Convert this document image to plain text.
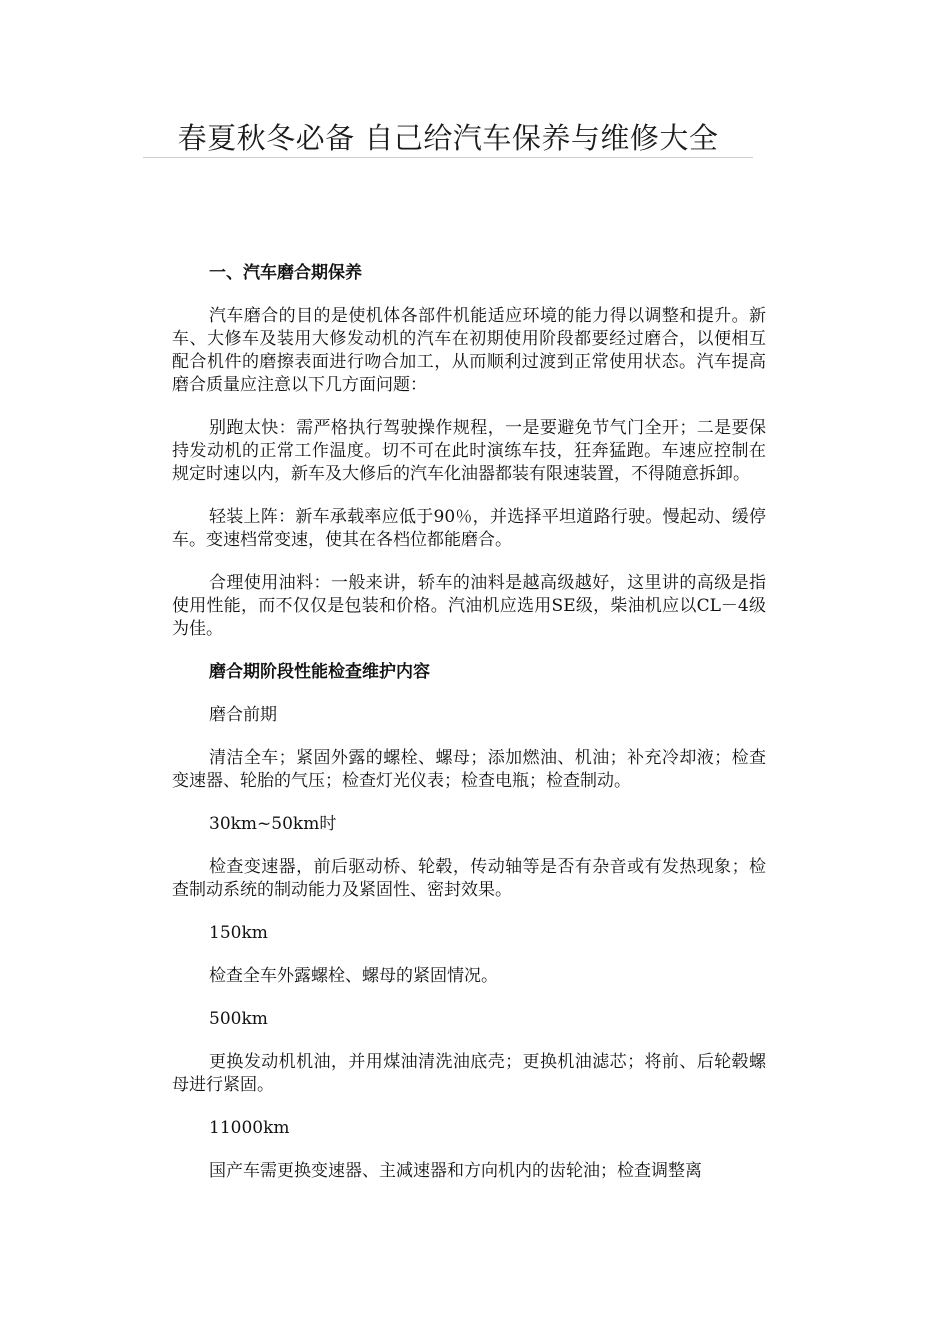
春夏秋冬必备 自己给汽车保养与维修大全

一、汽车磨合期保养

汽车磨合的目的是使机体各部件机能适应环境的能力得以调整和提升。新车、大修车及装用大修发动机的汽车在初期使用阶段都要经过磨合，以便相互配合机件的磨擦表面进行吻合加工，从而顺利过渡到正常使用状态。汽车提高磨合质量应注意以下几方面问题：

别跑太快：需严格执行驾驶操作规程，一是要避免节气门全开；二是要保持发动机的正常工作温度。切不可在此时演练车技，狂奔猛跑。车速应控制在规定时速以内，新车及大修后的汽车化油器都装有限速装置，不得随意拆卸。

轻装上阵：新车承载率应低于90％，并选择平坦道路行驶。慢起动、缓停车。变速档常变速，使其在各档位都能磨合。

合理使用油料：一般来讲，轿车的油料是越高级越好，这里讲的高级是指使用性能，而不仅仅是包装和价格。汽油机应选用SE级，柴油机应以CL－4级为佳。

磨合期阶段性能检查维护内容

磨合前期

清洁全车；紧固外露的螺栓、螺母；添加燃油、机油；补充冷却液；检查变速器、轮胎的气压；检查灯光仪表；检查电瓶；检查制动。

30km~50km时

检查变速器，前后驱动桥、轮毂，传动轴等是否有杂音或有发热现象；检查制动系统的制动能力及紧固性、密封效果。

150km

检查全车外露螺栓、螺母的紧固情况。

500km

更换发动机机油，并用煤油清洗油底壳；更换机油滤芯；将前、后轮毂螺母进行紧固。

11000km

国产车需更换变速器、主减速器和方向机内的齿轮油；检查调整离
